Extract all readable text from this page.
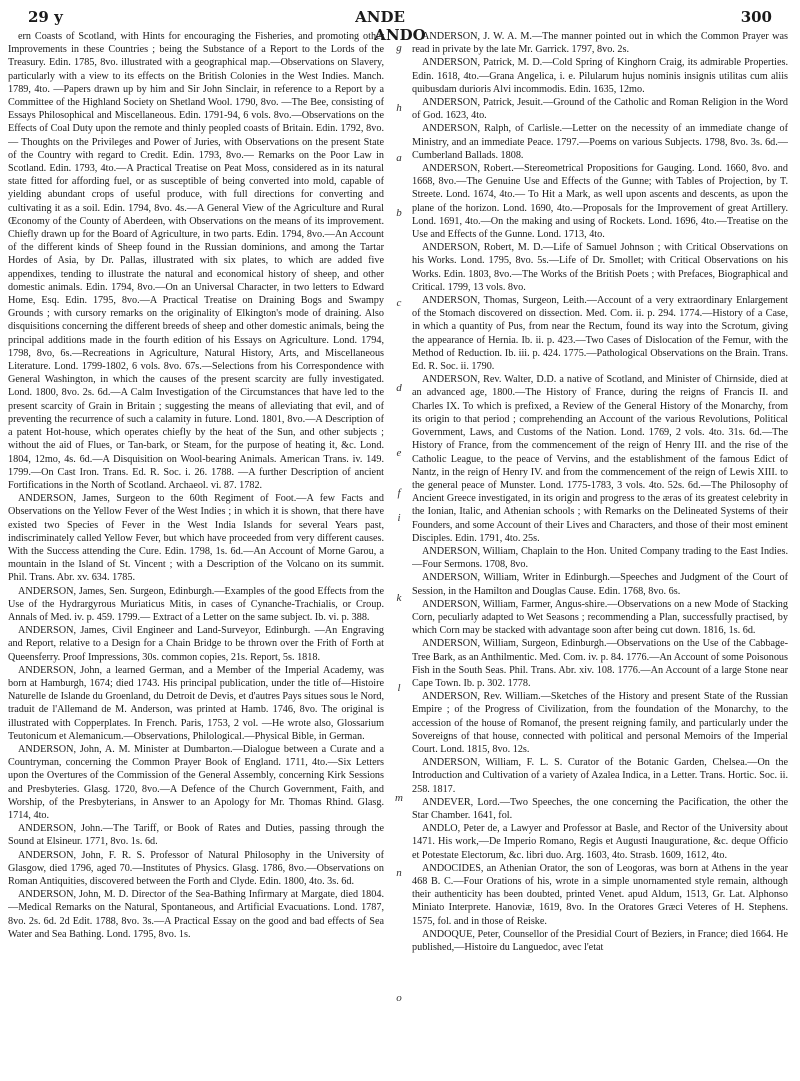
29 y	ANDEANDO
300

ern Coasts of Scotland, with Hints for encouraging the Fisheries, and promoting other Improvements in these Countries ; being the Substance of a Report to the Lords of the Treasury. Edin. 1785, 8vo. illustrated with a geographical map.—Observations on Slavery, particularly with a view to its effects on the British Colonies in the West Indies. Manch. 1789, 4to. —Papers drawn up by him and Sir John Sinclair, in reference to a Report by a Committee of the Highland Society on Shetland Wool. 1790, 8vo. —The Bee, consisting of Essays Philosophical and Miscellaneous. Edin. 1791-94, 6 vols. 8vo.—Observations on the Effects of Coal Duty upon the remote and thinly peopled coasts of Britain. Edin. 1792, 8vo.— Thoughts on the Privileges and Power of Juries, with Observations on the present State of the Country with regard to Credit. Edin. 1793, 8vo.— Remarks on the Poor Law in Scotland. Edin. 1793, 4to.—A Practical Treatise on Peat Moss, considered as in its natural state fitted for affording fuel, or as susceptible of being converted into mold, capable of yielding abundant crops of useful produce, with full directions for converting and cultivating it as a soil. Edin. 1794, 8vo. 4s.—A General View of the Agriculture and Rural Œconomy of the County of Aberdeen, with Observations on the means of its improvement. Chiefly drawn up for the Board of Agriculture, in two parts. Edin. 1794, 8vo.—An Account of the different kinds of Sheep found in the Russian dominions, and among the Tartar Hordes of Asia, by Dr. Pallas, illustrated with six plates, to which are added five appendixes, tending to illustrate the natural and economical history of sheep, and other domestic animals. Edin. 1794, 8vo.—On an Universal Character, in two letters to Edward Home, Esq. Edin. 1795, 8vo.—A Practical Treatise on Draining Bogs and Swampy Grounds ; with cursory remarks on the originality of Elkington's mode of draining. Also disquisitions concerning the different breeds of sheep and other domestic animals, being the principal additions made in the fourth edition of his Essays on Agriculture. Lond. 1794, 1798, 8vo, 6s.—Recreations in Agriculture, Natural History, Arts, and Miscellaneous Literature. Lond. 1799-1802, 6 vols. 8vo. 67s.—Selections from his Correspondence with General Washington, in which the causes of the present scarcity are fully investigated. Lond. 1800, 8vo. 2s. 6d.—A Calm Investigation of the Circumstances that have led to the present scarcity of Grain in Britain ; suggesting the means of alleviating that evil, and of preventing the recurrence of such a calamity in future. Lond. 1801, 8vo.—A Description of a patent Hot-house, which operates chiefly by the heat of the Sun, and other subjects ; without the aid of Flues, or Tan-bark, or Steam, for the purpose of heating it, &c. Lond. 1804, 12mo, 4s. 6d.—A Disquisition on Wool-bearing Animals. American Trans. iv. 149. 1799.—On Cast Iron. Trans. Ed. R. Soc. i. 26. 1788. —A further Description of ancient Fortifications in the North of Scotland. Archaeol. vi. 87. 1782.

ANDERSON, James, Surgeon to the 60th Regiment of Foot.—A few Facts and Observations on the Yellow Fever of the West Indies ; in which it is shown, that there have existed two Species of Fever in the West India Islands for several Years past, indiscriminately called Yellow Fever, but which have proceeded from very different causes. With the Success attending the Cure. Edin. 1798, 1s. 6d.—An Account of Morne Garou, a mountain in the Island of St. Vincent ; with a Description of the Volcano on its summit. Phil. Trans. Abr. xv. 634. 1785.

ANDERSON, James, Sen. Surgeon, Edinburgh.—Examples of the good Effects from the Use of the Hydrargyrous Muriaticus Mitis, in cases of Cynanche-Trachialis, or Croup. Annals of Med. iv. p. 459. 1799.— Extract of a Letter on the same subject. Ib. vi. p. 388.

ANDERSON, James, Civil Engineer and Land-Surveyor, Edinburgh. —An Engraving and Report, relative to a Design for a Chain Bridge to be thrown over the Frith of Forth at Queensferry. Proof Impressions, 30s. common copies, 21s. Report, 5s. 1818.

ANDERSON, John, a learned German, and a Member of the Imperial Academy, was born at Hamburgh, 1674; died 1743. His principal publication, under the title of—Histoire Naturelle de Islande du Groenland, du Detroit de Devis, et d'autres Pays situes sous le Nord, traduit de l'Allemand de M. Anderson, was printed at Hamb. 1746, 8vo. The original is illustrated with Copperplates. In French. Paris, 1753, 2 vol. —He wrote also, Glossarium Teutonicum et Alemanicum.—Observations, Philological.—Physical Bible, in German.

ANDERSON, John, A. M. Minister at Dumbarton.—Dialogue between a Curate and a Countryman, concerning the Common Prayer Book of England. 1711, 4to.—Six Letters upon the Overtures of the Commission of the General Assembly, concerning Kirk Sessions and Presbyteries. Glasg. 1720, 8vo.—A Defence of the Church Government, Faith, and Worship, of the Presbyterians, in Answer to an Apology for Mr. Thomas Rhind. Glasg. 1714, 4to.

ANDERSON, John.—The Tariff, or Book of Rates and Duties, passing through the Sound at Elsineur. 1771, 8vo. 1s. 6d.

ANDERSON, John, F. R. S. Professor of Natural Philosophy in the University of Glasgow, died 1796, aged 70.—Institutes of Physics. Glasg. 1786, 8vo.—Observations on Roman Antiquities, discovered between the Forth and Clyde. Edin. 1800, 4to. 3s. 6d.

ANDERSON, John, M. D. Director of the Sea-Bathing Infirmary at Margate, died 1804.—Medical Remarks on the Natural, Spontaneous, and Artificial Evacuations. Lond. 1787, 8vo. 2s. 6d. 2d Edit. 1788, 8vo. 3s.—A Practical Essay on the good and bad effects of Sea Water and Sea Bathing. Lond. 1795, 8vo. 1s.

g
h
a
b
c
d
e
f
i
k
l
m
n
o

ANDERSON, J. W. A. M.—The manner pointed out in which the Common Prayer was read in private by the late Mr. Garrick. 1797, 8vo. 2s.

ANDERSON, Patrick, M. D.—Cold Spring of Kinghorn Craig, its admirable Properties. Edin. 1618, 4to.—Grana Angelica, i. e. Pilularum hujus nominis insignis utilitas cum aliis quibusdam durioris Alvi incommodis. Edin. 1635, 12mo.

ANDERSON, Patrick, Jesuit.—Ground of the Catholic and Roman Religion in the Word of God. 1623, 4to.

ANDERSON, Ralph, of Carlisle.—Letter on the necessity of an immediate change of Ministry, and an immediate Peace. 1797.—Poems on various Subjects. 1798, 8vo. 3s. 6d.—Cumberland Ballads. 1808.

ANDERSON, Robert.—Stereometrical Propositions for Gauging. Lond. 1660, 8vo. and 1668, 8vo.—The Genuine Use and Effects of the Gunne; with Tables of Projection, by T. Streete. Lond. 1674, 4to.— To Hit a Mark, as well upon ascents and descents, as upon the plane of the horizon. Lond. 1690, 4to.—Proposals for the Improvement of great Artillery. Lond. 1691, 4to.—On the making and using of Rockets. Lond. 1696, 4to.—Treatise on the Use and Effects of the Gunne. Lond. 1713, 4to.

ANDERSON, Robert, M. D.—Life of Samuel Johnson ; with Critical Observations on his Works. Lond. 1795, 8vo. 5s.—Life of Dr. Smollet; with Critical Observations on his Works. Edin. 1803, 8vo.—The Works of the British Poets ; with Prefaces, Biographical and Critical. 1799, 13 vols. 8vo.

ANDERSON, Thomas, Surgeon, Leith.—Account of a very extraordinary Enlargement of the Stomach discovered on dissection. Med. Com. ii. p. 294. 1774.—History of a Case, in which a quantity of Pus, from near the Rectum, found its way into the Scrotum, giving the appearance of Hernia. Ib. ii. p. 423.—Two Cases of Dislocation of the Femur, with the Method of Reduction. Ib. iii. p. 424. 1775.—Pathological Observations on the Brain. Trans. Ed. R. Soc. ii. 1790.

ANDERSON, Rev. Walter, D.D. a native of Scotland, and Minister of Chirnside, died at an advanced age, 1800.—The History of France, during the reigns of Francis II. and Charles IX. To which is prefixed, a Review of the General History of the Monarchy, from its origin to that period ; comprehending an Account of the various Revolutions, Political Government, Laws, and Customs of the Nation. Lond. 1769, 2 vols. 4to. 31s. 6d.—The History of France, from the commencement of the reign of Henry III. and the rise of the Catholic League, to the peace of Vervins, and the establishment of the famous Edict of Nantz, in the reign of Henry IV. and from the commencement of the reign of Lewis XIII. to the general peace of Munster. Lond. 1775-1783, 3 vols. 4to. 52s. 6d.—The Philosophy of Ancient Greece investigated, in its origin and progress to the æras of its greatest celebrity in the Ionian, Italic, and Athenian schools ; with Remarks on the Delineated Systems of their Founders, and some Account of their Lives and Characters, and those of their most eminent Disciples. Edin. 1791, 4to. 25s.

ANDERSON, William, Chaplain to the Hon. United Company trading to the East Indies.—Four Sermons. 1708, 8vo.

ANDERSON, William, Writer in Edinburgh.—Speeches and Judgment of the Court of Session, in the Hamilton and Douglas Cause. Edin. 1768, 8vo. 6s.

ANDERSON, William, Farmer, Angus-shire.—Observations on a new Mode of Stacking Corn, peculiarly adapted to Wet Seasons ; recommending a Plan, successfully practised, by which Corn may be stacked with advantage soon after being cut down. 1816, 1s. 6d.

ANDERSON, William, Surgeon, Edinburgh.—Observations on the Use of the Cabbage-Tree Bark, as an Anthilmentic. Med. Com. iv. p. 84. 1776.—An Account of some Poisonous Fish in the South Seas. Phil. Trans. Abr. xiv. 108. 1776.—An Account of a large Stone near Cape Town. Ib. p. 302. 1778.

ANDERSON, Rev. William.—Sketches of the History and present State of the Russian Empire ; of the Progress of Civilization, from the foundation of the Monarchy, to the accession of the house of Romanof, the present reigning family, and particularly under the Sovereigns of that house, connected with political and personal Memoirs of the Imperial Court. Lond. 1815, 8vo. 12s.

ANDERSON, William, F. L. S. Curator of the Botanic Garden, Chelsea.—On the Introduction and Cultivation of a variety of Azalea Indica, in a Letter. Trans. Hortic. Soc. ii. 258. 1817.

ANDEVER, Lord.—Two Speeches, the one concerning the Pacification, the other the Star Chamber. 1641, fol.

ANDLO, Peter de, a Lawyer and Professor at Basle, and Rector of the University about 1471. His work,—De Imperio Romano, Regis et Augusti Inauguratione, &c. deque Officio et Potestate Electorum, &c. libri duo. Arg. 1603, 4to. Strasb. 1609, 1612, 4to.

ANDOCIDES, an Athenian Orator, the son of Leogoras, was born at Athens in the year 468 B. C.—Four Orations of his, wrote in a simple unornamented style remain, although their authenticity has been doubted, printed Venet. apud Aldum, 1513, Gr. Lat. Alphonso Miniato Interprete. Hanoviæ, 1619, 8vo. In the Oratores Græci Veteres of H. Stephens. 1575, fol. and in those of Reiske.

ANDOQUE, Peter, Counsellor of the Presidial Court of Beziers, in France; died 1664. He published,—Histoire du Languedoc, avec l'etat
